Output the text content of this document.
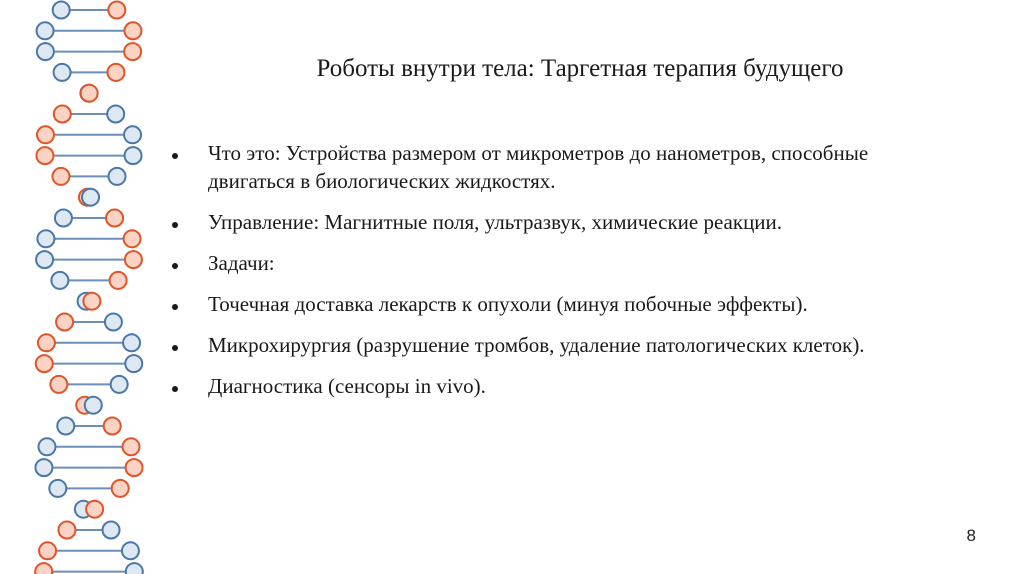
Роботы внутри тела: Таргетная терапия будущего
Что это: Устройства размером от микрометров до нанометров, способные двигаться в биологических жидкостях.
Управление: Магнитные поля, ультразвук, химические реакции.
Задачи:
Точечная доставка лекарств к опухоли (минуя побочные эффекты).
Микрохирургия (разрушение тромбов, удаление патологических клеток).
Диагностика (сенсоры in vivo).
8
